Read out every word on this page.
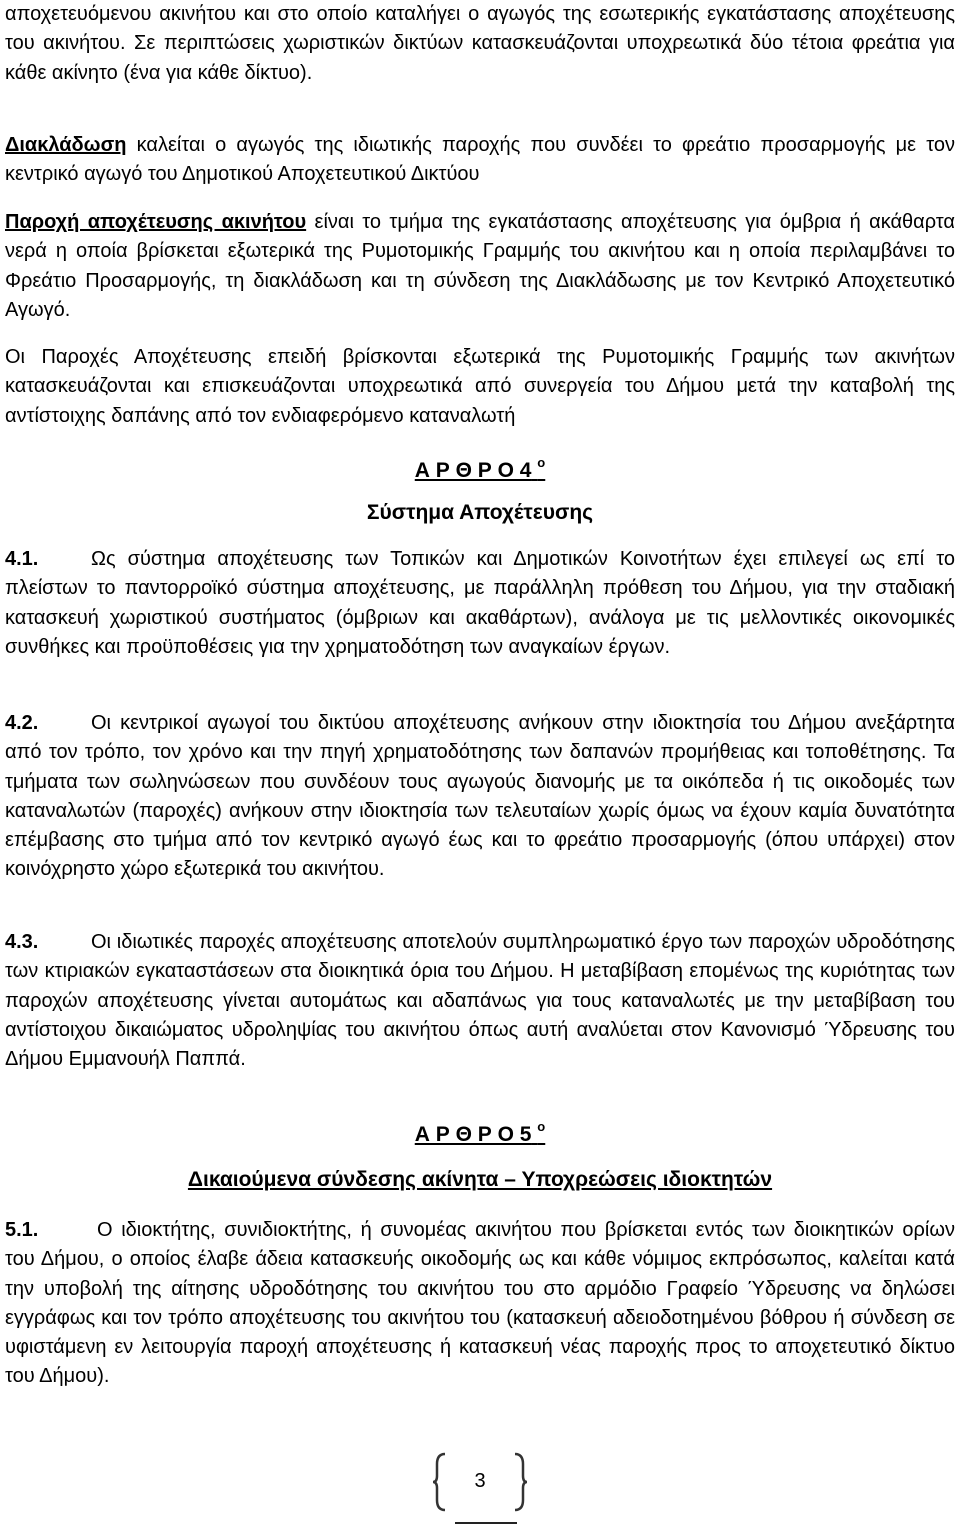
αποχετευόμενου ακινήτου και στο οποίο καταλήγει ο αγωγός της εσωτερικής εγκατάστασης αποχέτευσης του ακινήτου. Σε περιπτώσεις χωριστικών δικτύων κατασκευάζονται υποχρεωτικά δύο τέτοια φρεάτια για κάθε ακίνητο (ένα για κάθε δίκτυο).

Διακλάδωση καλείται ο αγωγός της ιδιωτικής παροχής που συνδέει το φρεάτιο προσαρμογής με τον κεντρικό αγωγό του Δημοτικού Αποχετευτικού Δικτύου

Παροχή αποχέτευσης ακινήτου είναι το τμήμα της εγκατάστασης αποχέτευσης για όμβρια ή ακάθαρτα νερά η οποία βρίσκεται εξωτερικά της Ρυμοτομικής Γραμμής του ακινήτου και η οποία περιλαμβάνει το Φρεάτιο Προσαρμογής, τη διακλάδωση και τη σύνδεση της Διακλάδωσης με τον Κεντρικό Αποχετευτικό Αγωγό.

Οι Παροχές Αποχέτευσης επειδή βρίσκονται εξωτερικά της Ρυμοτομικής Γραμμής των ακινήτων κατασκευάζονται και επισκευάζονται υποχρεωτικά από συνεργεία του Δήμου μετά την καταβολή της αντίστοιχης δαπάνης από τον ενδιαφερόμενο καταναλωτή

Α Ρ Θ Ρ Ο 4 $^o$
Σύστημα Αποχέτευσης

4.1.	Ως σύστημα αποχέτευσης των Τοπικών και Δημοτικών Κοινοτήτων έχει επιλεγεί ως επί το πλείστων το παντορροϊκό σύστημα αποχέτευσης, με παράλληλη πρόθεση του Δήμου, για την σταδιακή κατασκευή χωριστικού συστήματος (όμβριων και ακαθάρτων), ανάλογα με τις μελλοντικές οικονομικές συνθήκες και προϋποθέσεις για την χρηματοδότηση των αναγκαίων έργων.

4.2.	Οι κεντρικοί αγωγοί του δικτύου αποχέτευσης ανήκουν στην ιδιοκτησία του Δήμου ανεξάρτητα από τον τρόπο, τον χρόνο και την πηγή χρηματοδότησης των δαπανών προμήθειας και τοποθέτησης. Τα τμήματα των σωληνώσεων που συνδέουν τους αγωγούς διανομής με τα οικόπεδα ή τις οικοδομές των καταναλωτών (παροχές) ανήκουν στην ιδιοκτησία των τελευταίων χωρίς όμως να έχουν καμία δυνατότητα επέμβασης στο τμήμα από τον κεντρικό αγωγό έως και το φρεάτιο προσαρμογής (όπου υπάρχει) στον κοινόχρηστο χώρο εξωτερικά του ακινήτου.

4.3.	Οι ιδιωτικές παροχές αποχέτευσης αποτελούν συμπληρωματικό έργο των παροχών υδροδότησης των κτιριακών εγκαταστάσεων στα διοικητικά όρια του Δήμου. Η μεταβίβαση επομένως της κυριότητας των παροχών αποχέτευσης γίνεται αυτομάτως και αδαπάνως για τους καταναλωτές με την μεταβίβαση του αντίστοιχου δικαιώματος υδροληψίας του ακινήτου όπως αυτή αναλύεται στον Κανονισμό Ύδρευσης του Δήμου Εμμανουήλ Παππά.

Α Ρ Θ Ρ Ο 5 $^o$
Δικαιούμενα σύνδεσης ακίνητα – Υποχρεώσεις ιδιοκτητών

5.1.	Ο ιδιοκτήτης, συνιδιοκτήτης, ή συνομέας ακινήτου που βρίσκεται εντός των διοικητικών ορίων του Δήμου, ο οποίος έλαβε άδεια κατασκευής οικοδομής ως και κάθε νόμιμος εκπρόσωπος, καλείται κατά την υποβολή της αίτησης υδροδότησης του ακινήτου του στο αρμόδιο Γραφείο Ύδρευσης να δηλώσει εγγράφως και τον τρόπο αποχέτευσης του ακινήτου του (κατασκευή αδειοδοτημένου βόθρου ή σύνδεση σε υφιστάμενη εν λειτουργία παροχή αποχέτευσης ή κατασκευή νέας παροχής προς το αποχετευτικό δίκτυο του Δήμου).

3
